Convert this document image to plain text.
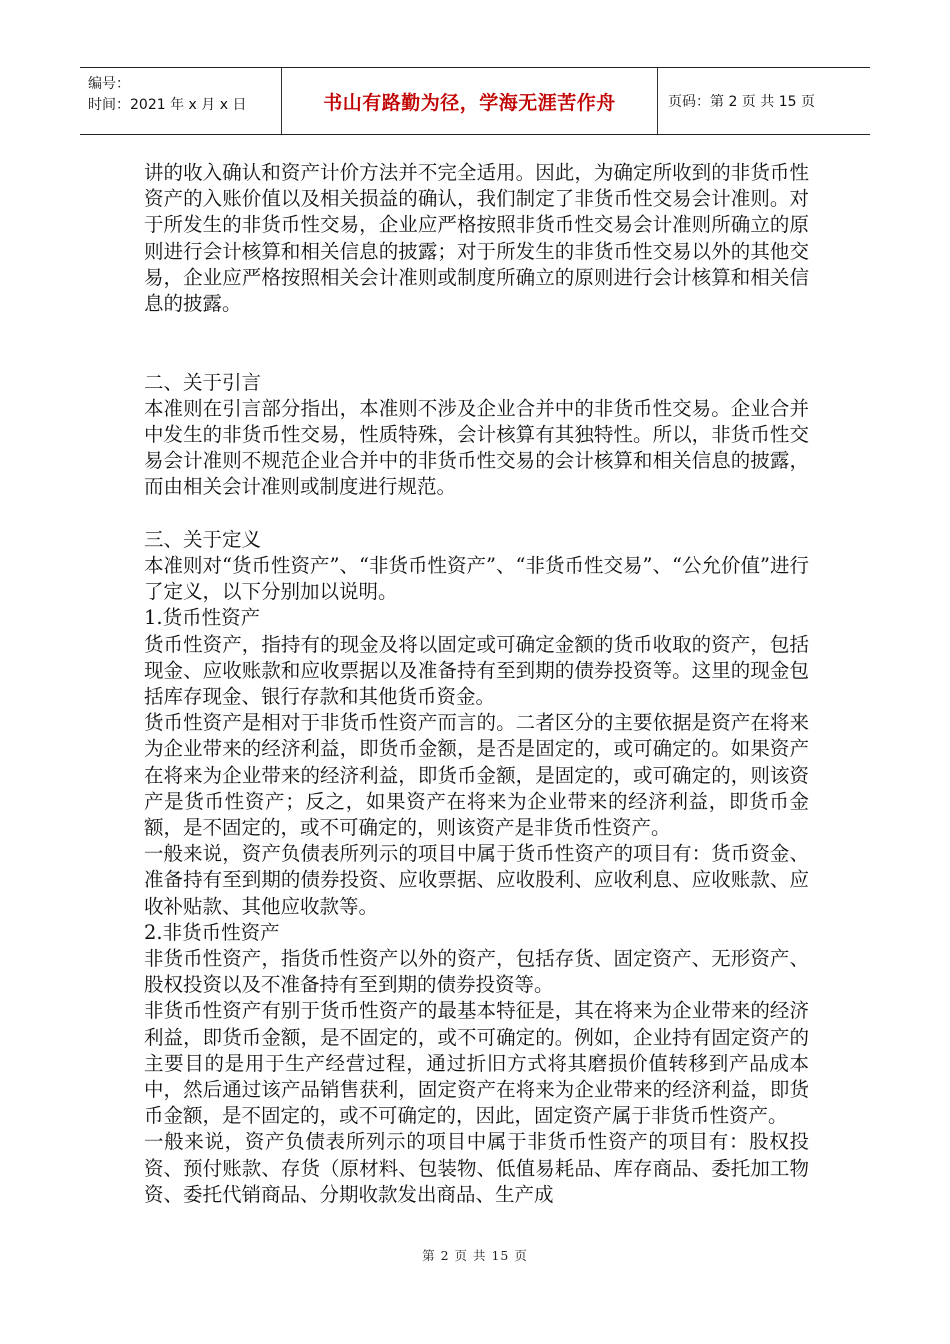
编号：
时间：2021 年 x 月 x 日	书山有路勤为径，学海无涯苦作舟	页码：第 2 页 共 15 页

讲的收入确认和资产计价方法并不完全适用。因此，为确定所收到的非货币性资产的入账价值以及相关损益的确认，我们制定了非货币性交易会计准则。对于所发生的非货币性交易，企业应严格按照非货币性交易会计准则所确立的原则进行会计核算和相关信息的披露；对于所发生的非货币性交易以外的其他交易，企业应严格按照相关会计准则或制度所确立的原则进行会计核算和相关信息的披露。

二、关于引言

本准则在引言部分指出，本准则不涉及企业合并中的非货币性交易。企业合并中发生的非货币性交易，性质特殊，会计核算有其独特性。所以，非货币性交易会计准则不规范企业合并中的非货币性交易的会计核算和相关信息的披露，而由相关会计准则或制度进行规范。

三、关于定义

本准则对“货币性资产”、“非货币性资产”、“非货币性交易”、“公允价值”进行了定义，以下分别加以说明。

1.货币性资产

货币性资产，指持有的现金及将以固定或可确定金额的货币收取的资产，包括现金、应收账款和应收票据以及准备持有至到期的债券投资等。这里的现金包括库存现金、银行存款和其他货币资金。

货币性资产是相对于非货币性资产而言的。二者区分的主要依据是资产在将来为企业带来的经济利益，即货币金额，是否是固定的，或可确定的。如果资产在将来为企业带来的经济利益，即货币金额，是固定的，或可确定的，则该资产是货币性资产；反之，如果资产在将来为企业带来的经济利益，即货币金额，是不固定的，或不可确定的，则该资产是非货币性资产。

一般来说，资产负债表所列示的项目中属于货币性资产的项目有：货币资金、准备持有至到期的债券投资、应收票据、应收股利、应收利息、应收账款、应收补贴款、其他应收款等。

2.非货币性资产

非货币性资产，指货币性资产以外的资产，包括存货、固定资产、无形资产、股权投资以及不准备持有至到期的债券投资等。

非货币性资产有别于货币性资产的最基本特征是，其在将来为企业带来的经济利益，即货币金额，是不固定的，或不可确定的。例如，企业持有固定资产的主要目的是用于生产经营过程，通过折旧方式将其磨损价值转移到产品成本中，然后通过该产品销售获利，固定资产在将来为企业带来的经济利益，即货币金额，是不固定的，或不可确定的，因此，固定资产属于非货币性资产。

一般来说，资产负债表所列示的项目中属于非货币性资产的项目有：股权投资、预付账款、存货（原材料、包装物、低值易耗品、库存商品、委托加工物资、委托代销商品、分期收款发出商品、生产成

第 2 页 共 15 页
